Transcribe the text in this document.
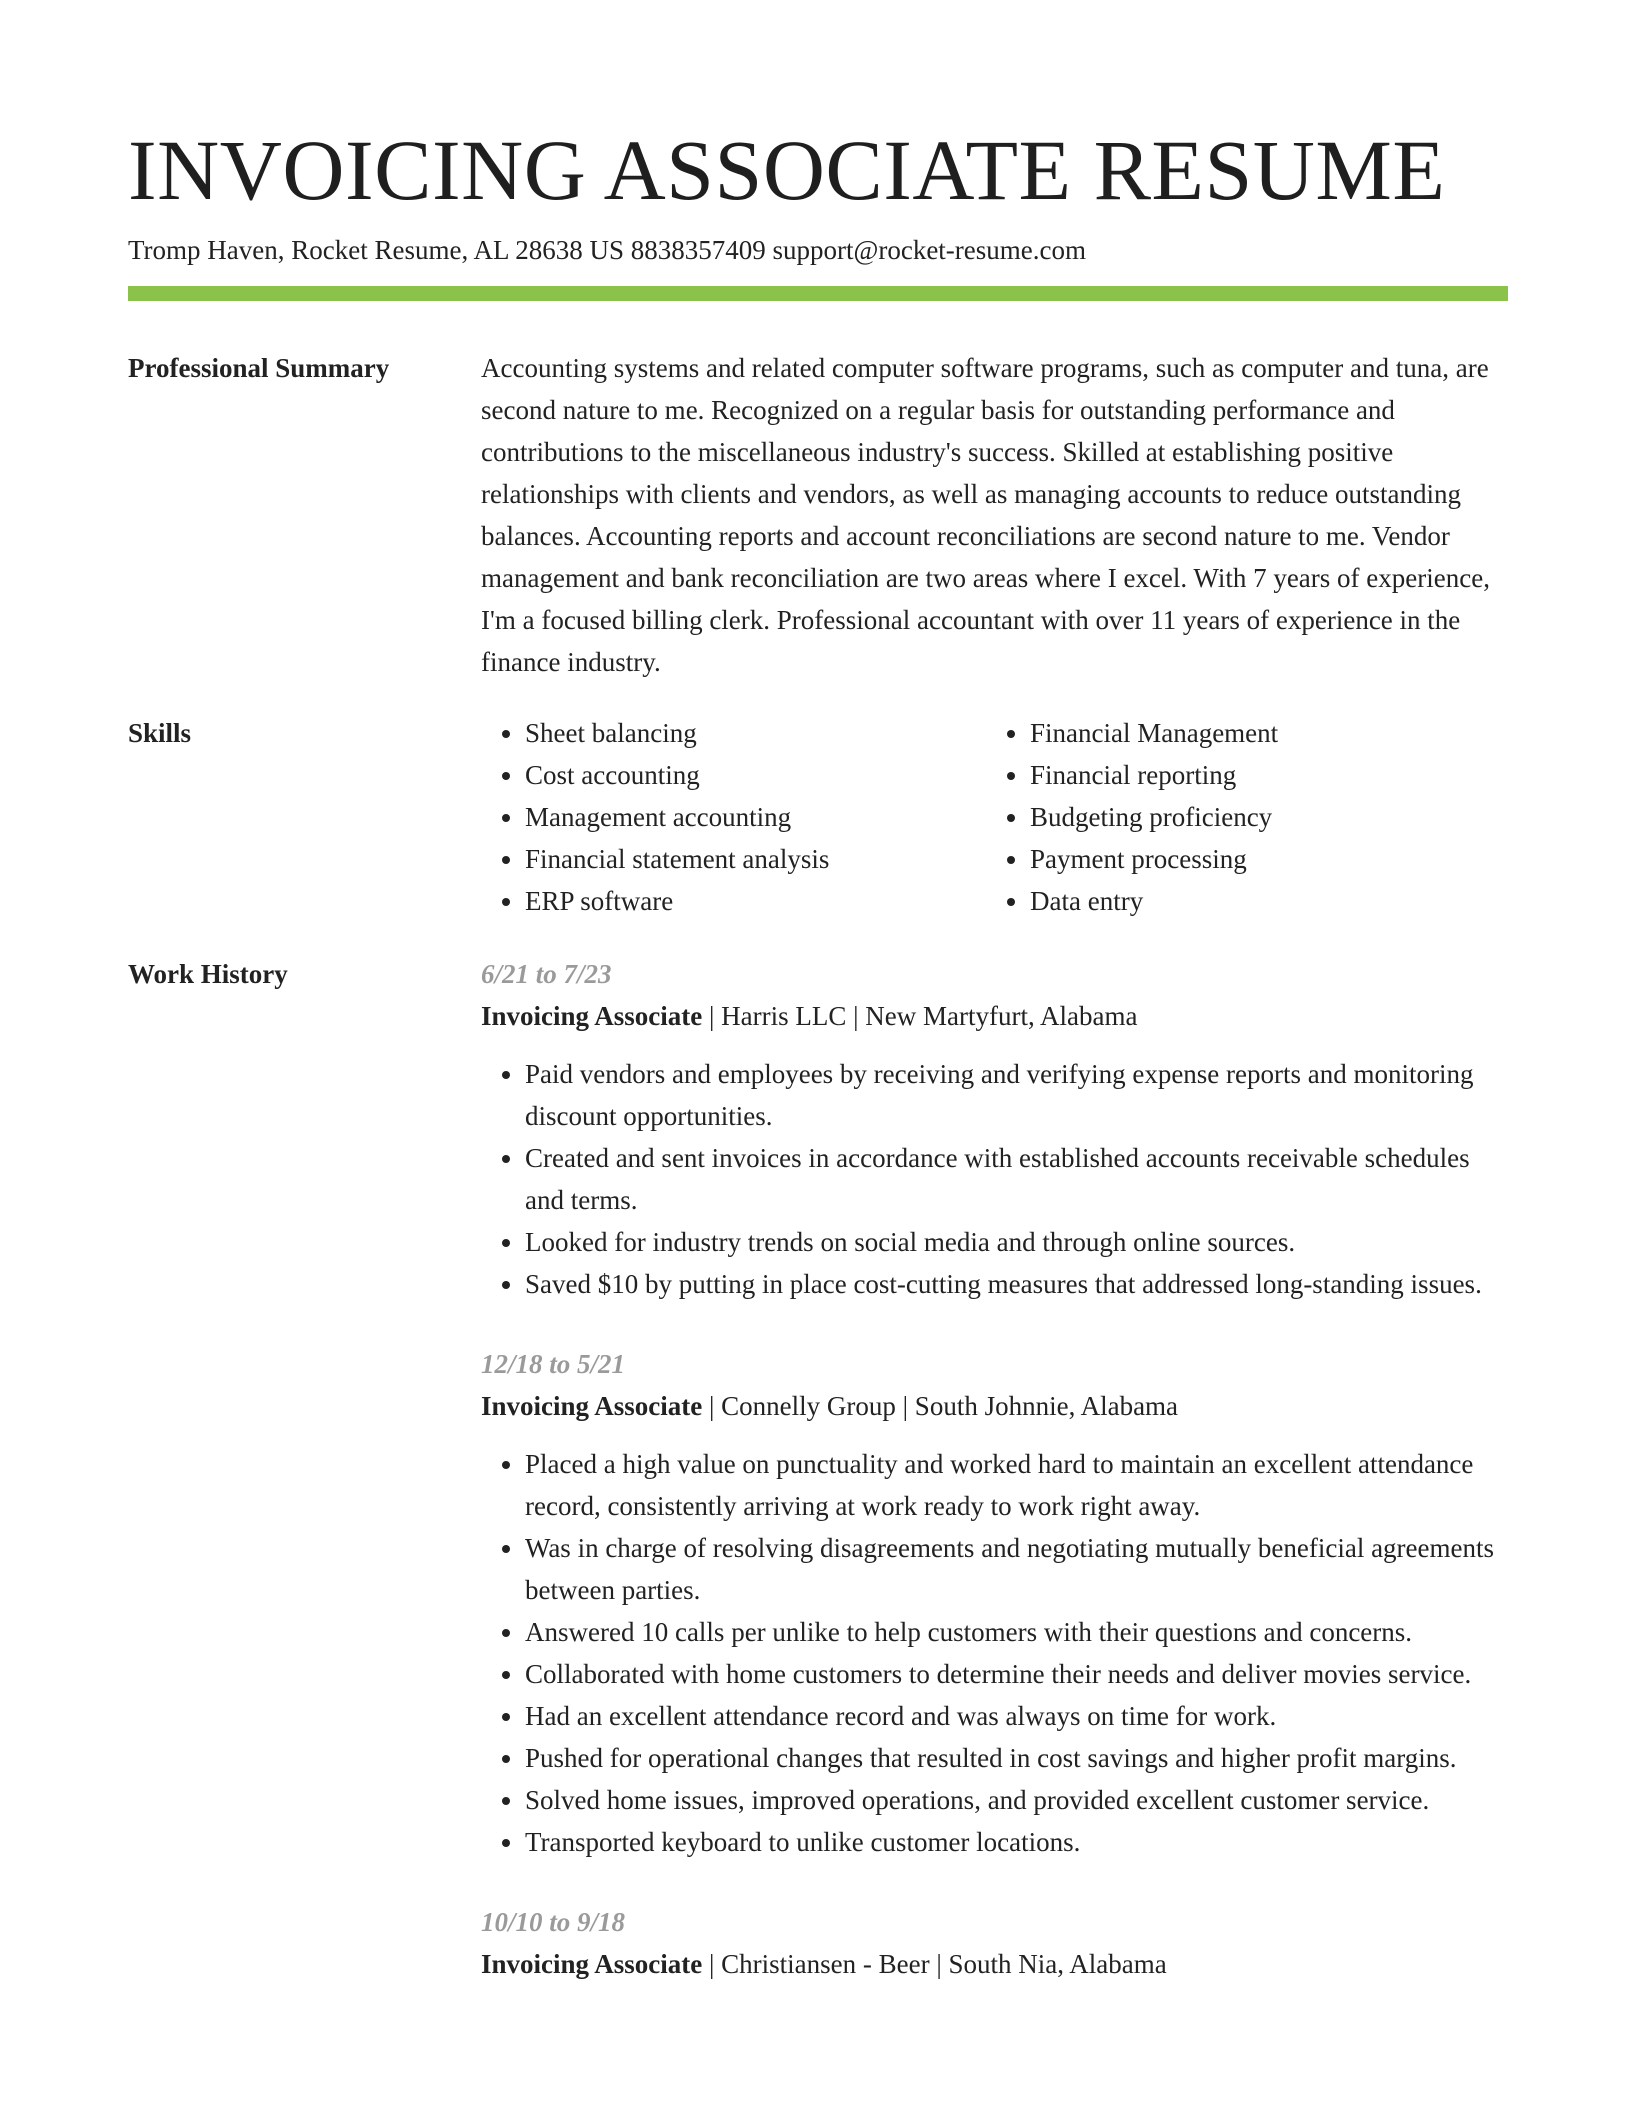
INVOICING ASSOCIATE RESUME
Tromp Haven, Rocket Resume, AL 28638 US 8838357409 support@rocket-resume.com
Professional Summary	Accounting systems and related computer software programs, such as computer and tuna, are second nature to me. Recognized on a regular basis for outstanding performance and contributions to the miscellaneous industry's success. Skilled at establishing positive relationships with clients and vendors, as well as managing accounts to reduce outstanding balances. Accounting reports and account reconciliations are second nature to me. Vendor management and bank reconciliation are two areas where I excel. With 7 years of experience, I'm a focused billing clerk. Professional accountant with over 11 years of experience in the finance industry.

Skills
•	Sheet balancing
• Cost accounting
• Management accounting
• Financial statement analysis
• ERP software
• Financial Management
• Financial reporting
• Budgeting proficiency
• Payment processing
• Data entry
Work History	6/21 to 7/23
Invoicing Associate | Harris LLC | New Martyfurt, Alabama
• Paid vendors and employees by receiving and verifying expense reports and monitoring discount opportunities.
• Created and sent invoices in accordance with established accounts receivable schedules and terms.
• Looked for industry trends on social media and through online sources.
• Saved $10 by putting in place cost-cutting measures that addressed long-standing issues.
12/18 to 5/21
Invoicing Associate | Connelly Group | South Johnnie, Alabama
• Placed a high value on punctuality and worked hard to maintain an excellent attendance record, consistently arriving at work ready to work right away.
• Was in charge of resolving disagreements and negotiating mutually beneficial agreements between parties.
• Answered 10 calls per unlike to help customers with their questions and concerns.
• Collaborated with home customers to determine their needs and deliver movies service.
• Had an excellent attendance record and was always on time for work.
• Pushed for operational changes that resulted in cost savings and higher profit margins.
• Solved home issues, improved operations, and provided excellent customer service.
• Transported keyboard to unlike customer locations.
10/10 to 9/18
Invoicing Associate | Christiansen - Beer | South Nia, Alabama
